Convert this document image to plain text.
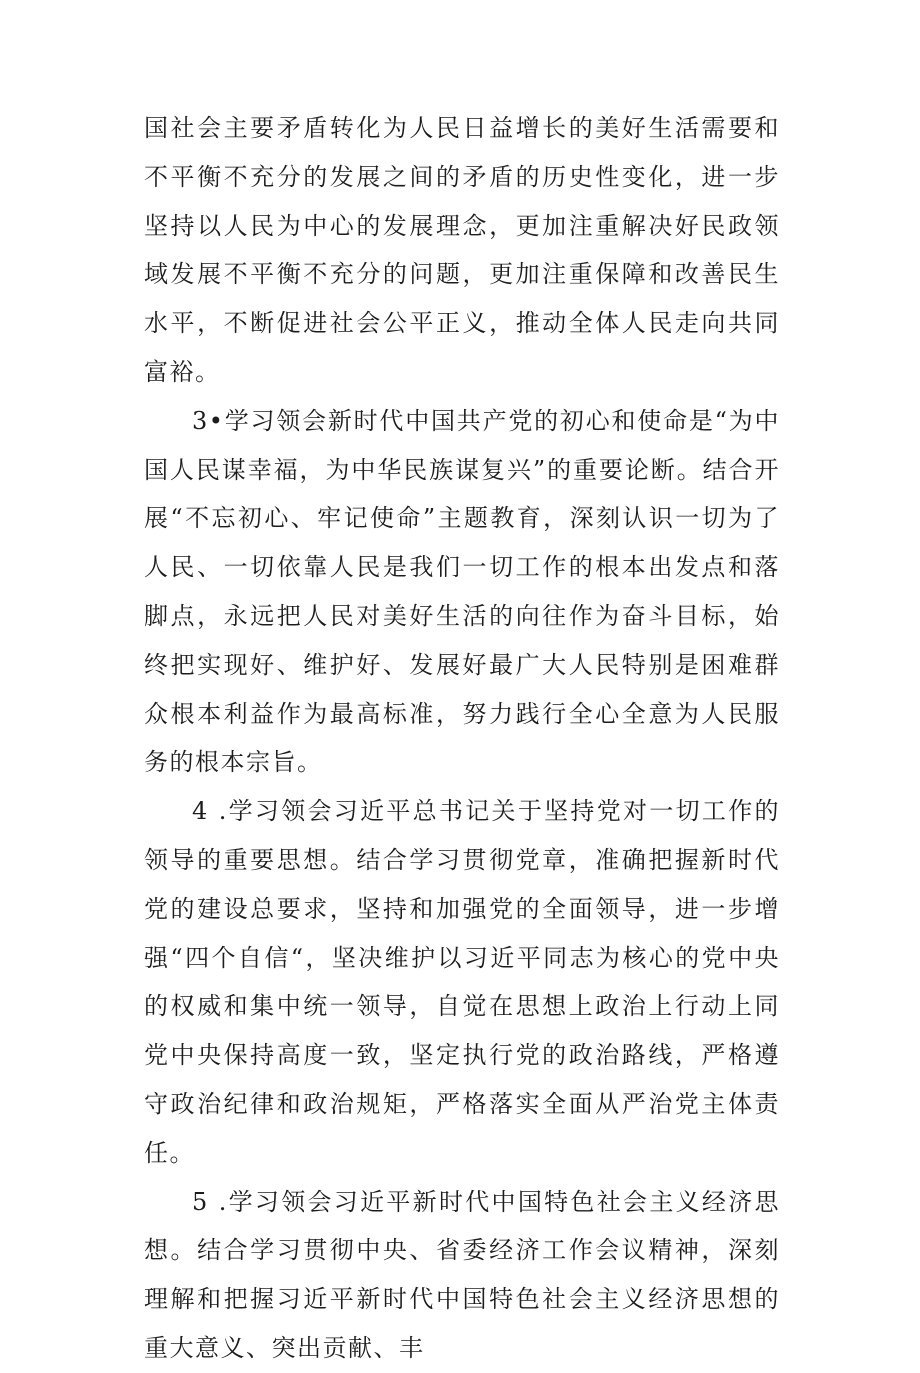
国社会主要矛盾转化为人民日益增长的美好生活需要和不平衡不充分的发展之间的矛盾的历史性变化，进一步坚持以人民为中心的发展理念，更加注重解决好民政领域发展不平衡不充分的问题，更加注重保障和改善民生水平，不断促进社会公平正义，推动全体人民走向共同富裕。

3•学习领会新时代中国共产党的初心和使命是“为中国人民谋幸福，为中华民族谋复兴”的重要论断。结合开展“不忘初心、牢记使命”主题教育，深刻认识一切为了人民、一切依靠人民是我们一切工作的根本出发点和落脚点，永远把人民对美好生活的向往作为奋斗目标，始终把实现好、维护好、发展好最广大人民特别是困难群众根本利益作为最高标准，努力践行全心全意为人民服务的根本宗旨。

4 .学习领会习近平总书记关于坚持党对一切工作的领导的重要思想。结合学习贯彻党章，准确把握新时代党的建设总要求，坚持和加强党的全面领导，进一步增强“四个自信“，坚决维护以习近平同志为核心的党中央的权威和集中统一领导，自觉在思想上政治上行动上同党中央保持高度一致，坚定执行党的政治路线，严格遵守政治纪律和政治规矩，严格落实全面从严治党主体责任。

5 .学习领会习近平新时代中国特色社会主义经济思想。结合学习贯彻中央、省委经济工作会议精神，深刻理解和把握习近平新时代中国特色社会主义经济思想的重大意义、突出贡献、丰
